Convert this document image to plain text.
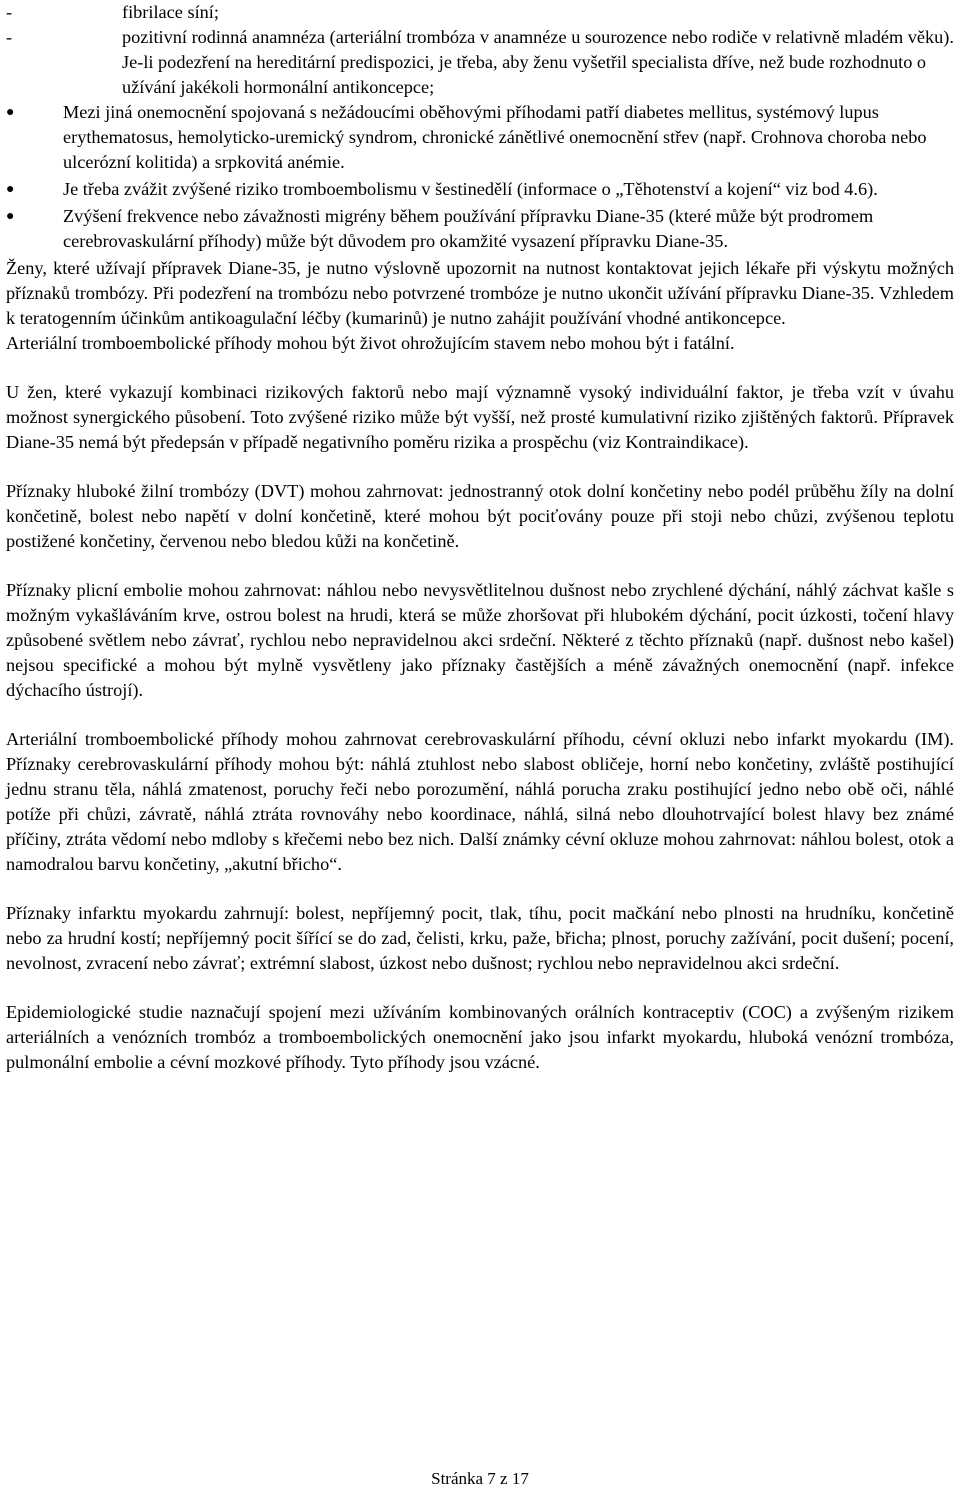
-	fibrilace síní;
-	pozitivní rodinná anamnéza (arteriální trombóza v anamnéze u sourozence nebo rodiče v relativně mladém věku). Je-li podezření na hereditární predispozici, je třeba, aby ženu vyšetřil specialista dříve, než bude rozhodnuto o užívání jakékoli hormonální antikoncepce;
●	Mezi jiná onemocnění spojovaná s nežádoucími oběhovými příhodami patří diabetes mellitus, systémový lupus erythematosus, hemolyticko-uremický syndrom, chronické zánětlivé onemocnění střev (např. Crohnova choroba nebo ulcerózní kolitida) a srpkovitá anémie.
●	Je třeba zvážit zvýšené riziko tromboembolismu v šestinedělí (informace o „Těhotenství a kojení“ viz bod 4.6).
●	Zvýšení frekvence nebo závažnosti migrény během používání přípravku Diane-35 (které může být prodromem cerebrovaskulární příhody) může být důvodem pro okamžité vysazení přípravku Diane-35.

Ženy, které užívají přípravek Diane-35, je nutno výslovně upozornit na nutnost kontaktovat jejich lékaře při výskytu možných příznaků trombózy. Při podezření na trombózu nebo potvrzené trombóze je nutno ukončit užívání přípravku Diane-35. Vzhledem k teratogenním účinkům antikoagulační léčby (kumarinů) je nutno zahájit používání vhodné antikoncepce.

Arteriální tromboembolické příhody mohou být život ohrožujícím stavem nebo mohou být i fatální.

U žen, které vykazují kombinaci rizikových faktorů nebo mají významně vysoký individuální faktor, je třeba vzít v úvahu možnost synergického působení. Toto zvýšené riziko může být vyšší, než prosté kumulativní riziko zjištěných faktorů. Přípravek Diane-35 nemá být předepsán v případě negativního poměru rizika a prospěchu (viz Kontraindikace).

Příznaky hluboké žilní trombózy (DVT) mohou zahrnovat: jednostranný otok dolní končetiny nebo podél průběhu žíly na dolní končetině, bolest nebo napětí v dolní končetině, které mohou být pociťovány pouze při stoji nebo chůzi, zvýšenou teplotu postižené končetiny, červenou nebo bledou kůži na končetině.

Příznaky plicní embolie mohou zahrnovat: náhlou nebo nevysvětlitelnou dušnost nebo zrychlené dýchání, náhlý záchvat kašle s možným vykašláváním krve, ostrou bolest na hrudi, která se může zhoršovat při hlubokém dýchání, pocit úzkosti, točení hlavy způsobené světlem nebo závrať, rychlou nebo nepravidelnou akci srdeční. Některé z těchto příznaků (např. dušnost nebo kašel) nejsou specifické a mohou být mylně vysvětleny jako příznaky častějších a méně závažných onemocnění (např. infekce dýchacího ústrojí).

Arteriální tromboembolické příhody mohou zahrnovat cerebrovaskulární příhodu, cévní okluzi nebo infarkt myokardu (IM). Příznaky cerebrovaskulární příhody mohou být: náhlá ztuhlost nebo slabost obličeje, horní nebo končetiny, zvláště postihující jednu stranu těla, náhlá zmatenost, poruchy řeči nebo porozumění, náhlá porucha zraku postihující jedno nebo obě oči, náhlé potíže při chůzi, závratě, náhlá ztráta rovnováhy nebo koordinace, náhlá, silná nebo dlouhotrvající bolest hlavy bez známé příčiny, ztráta vědomí nebo mdloby s křečemi nebo bez nich. Další známky cévní okluze mohou zahrnovat: náhlou bolest, otok a namodralou barvu končetiny, „akutní břicho“.

Příznaky infarktu myokardu zahrnují: bolest, nepříjemný pocit, tlak, tíhu, pocit mačkání nebo plnosti na hrudníku, končetině nebo za hrudní kostí; nepříjemný pocit šířící se do zad, čelisti, krku, paže, břicha; plnost, poruchy zažívání, pocit dušení; pocení, nevolnost, zvracení nebo závrať; extrémní slabost, úzkost nebo dušnost; rychlou nebo nepravidelnou akci srdeční.

Epidemiologické studie naznačují spojení mezi užíváním kombinovaných orálních kontraceptiv (COC) a zvýšeným rizikem arteriálních a venózních trombóz a tromboembolických onemocnění jako jsou infarkt myokardu, hluboká venózní trombóza, pulmonální embolie a cévní mozkové příhody. Tyto příhody jsou vzácné.

Stránka 7 z 17
